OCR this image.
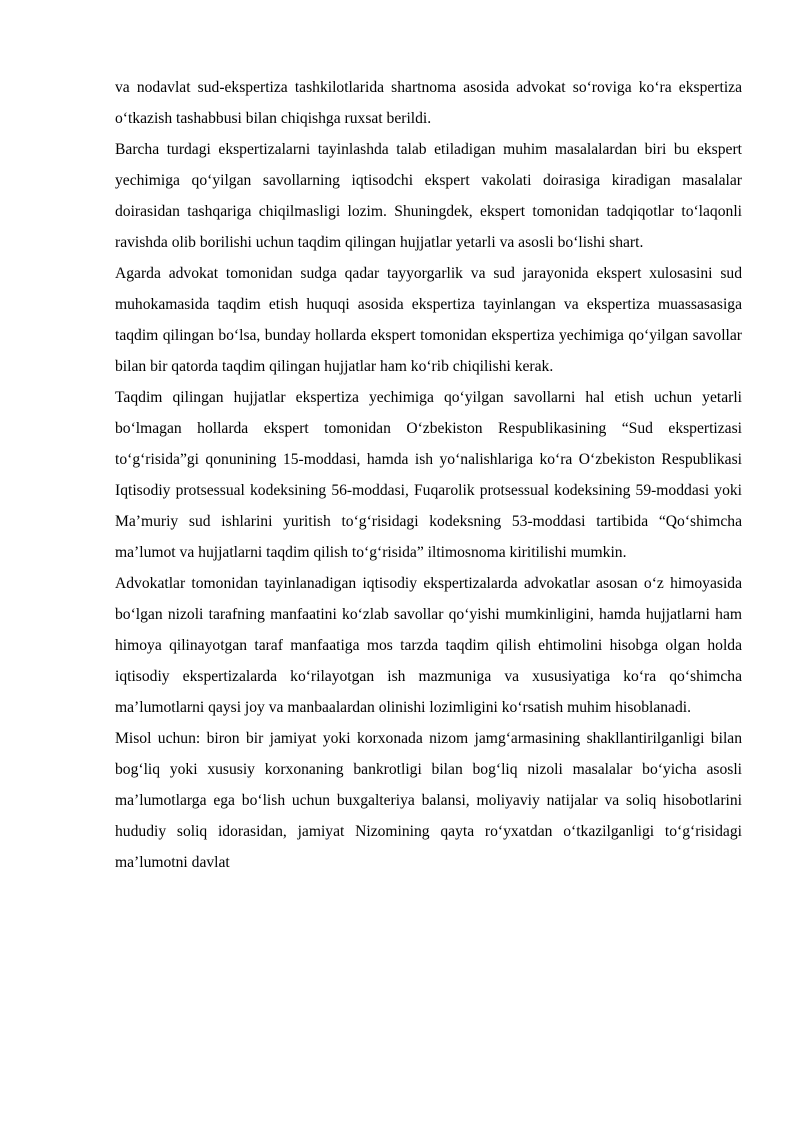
va nodavlat sud-ekspertiza tashkilotlarida shartnoma asosida advokat so‘roviga ko‘ra ekspertiza o‘tkazish tashabbusi bilan chiqishga ruxsat berildi.

Barcha turdagi ekspertizalarni tayinlashda talab etiladigan muhim masalalardan biri bu ekspert yechimiga qo‘yilgan savollarning iqtisodchi ekspert vakolati doirasiga kiradigan masalalar doirasidan tashqariga chiqilmasligi lozim. Shuningdek, ekspert tomonidan tadqiqotlar to‘laqonli ravishda olib borilishi uchun taqdim qilingan hujjatlar yetarli va asosli bo‘lishi shart.

Agarda advokat tomonidan sudga qadar tayyorgarlik va sud jarayonida ekspert xulosasini sud muhokamasida taqdim etish huquqi asosida ekspertiza tayinlangan va ekspertiza muassasasiga taqdim qilingan bo‘lsa, bunday hollarda ekspert tomonidan ekspertiza yechimiga qo‘yilgan savollar bilan bir qatorda taqdim qilingan hujjatlar ham ko‘rib chiqilishi kerak.

Taqdim qilingan hujjatlar ekspertiza yechimiga qo‘yilgan savollarni hal etish uchun yetarli bo‘lmagan hollarda ekspert tomonidan O‘zbekiston Respublikasining “Sud ekspertizasi to‘g‘risida”gi qonunining 15-moddasi, hamda ish yo‘nalishlariga ko‘ra O‘zbekiston Respublikasi Iqtisodiy protsessual kodeksining 56-moddasi, Fuqarolik protsessual kodeksining 59-moddasi yoki Ma’muriy sud ishlarini yuritish to‘g‘risidagi kodeksning 53-moddasi tartibida “Qo‘shimcha ma’lumot va hujjatlarni taqdim qilish to‘g‘risida” iltimosnoma kiritilishi mumkin.

Advokatlar tomonidan tayinlanadigan iqtisodiy ekspertizalarda advokatlar asosan o‘z himoyasida bo‘lgan nizoli tarafning manfaatini ko‘zlab savollar qo‘yishi mumkinligini, hamda hujjatlarni ham himoya qilinayotgan taraf manfaatiga mos tarzda taqdim qilish ehtimolini hisobga olgan holda iqtisodiy ekspertizalarda ko‘rilayotgan ish mazmuniga va xususiyatiga ko‘ra qo‘shimcha ma’lumotlarni qaysi joy va manbaalardan olinishi lozimligini ko‘rsatish muhim hisoblanadi.

Misol uchun: biron bir jamiyat yoki korxonada nizom jamg‘armasining shakllantirilganligi bilan bog‘liq yoki xususiy korxonaning bankrotligi bilan bog‘liq nizoli masalalar bo‘yicha asosli ma’lumotlarga ega bo‘lish uchun buxgalteriya balansi, moliyaviy natijalar va soliq hisobotlarini hududiy soliq idorasidan, jamiyat Nizomining qayta ro‘yxatdan o‘tkazilganligi to‘g‘risidagi ma’lumotni davlat
